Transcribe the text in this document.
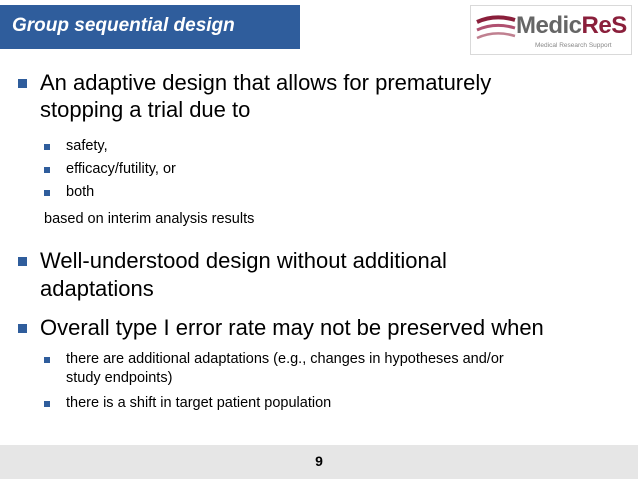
Group sequential design	MedicReS
Medical Research Support
An adaptive design that allows for prematurely
stopping a trial due to
safety,
efficacy/futility, or
both
based on interim analysis results
Well-understood design without additional
adaptations
Overall type I error rate may not be preserved when
there are additional adaptations (e.g., changes in hypotheses and/or
study endpoints)
there is a shift in target patient population
9
